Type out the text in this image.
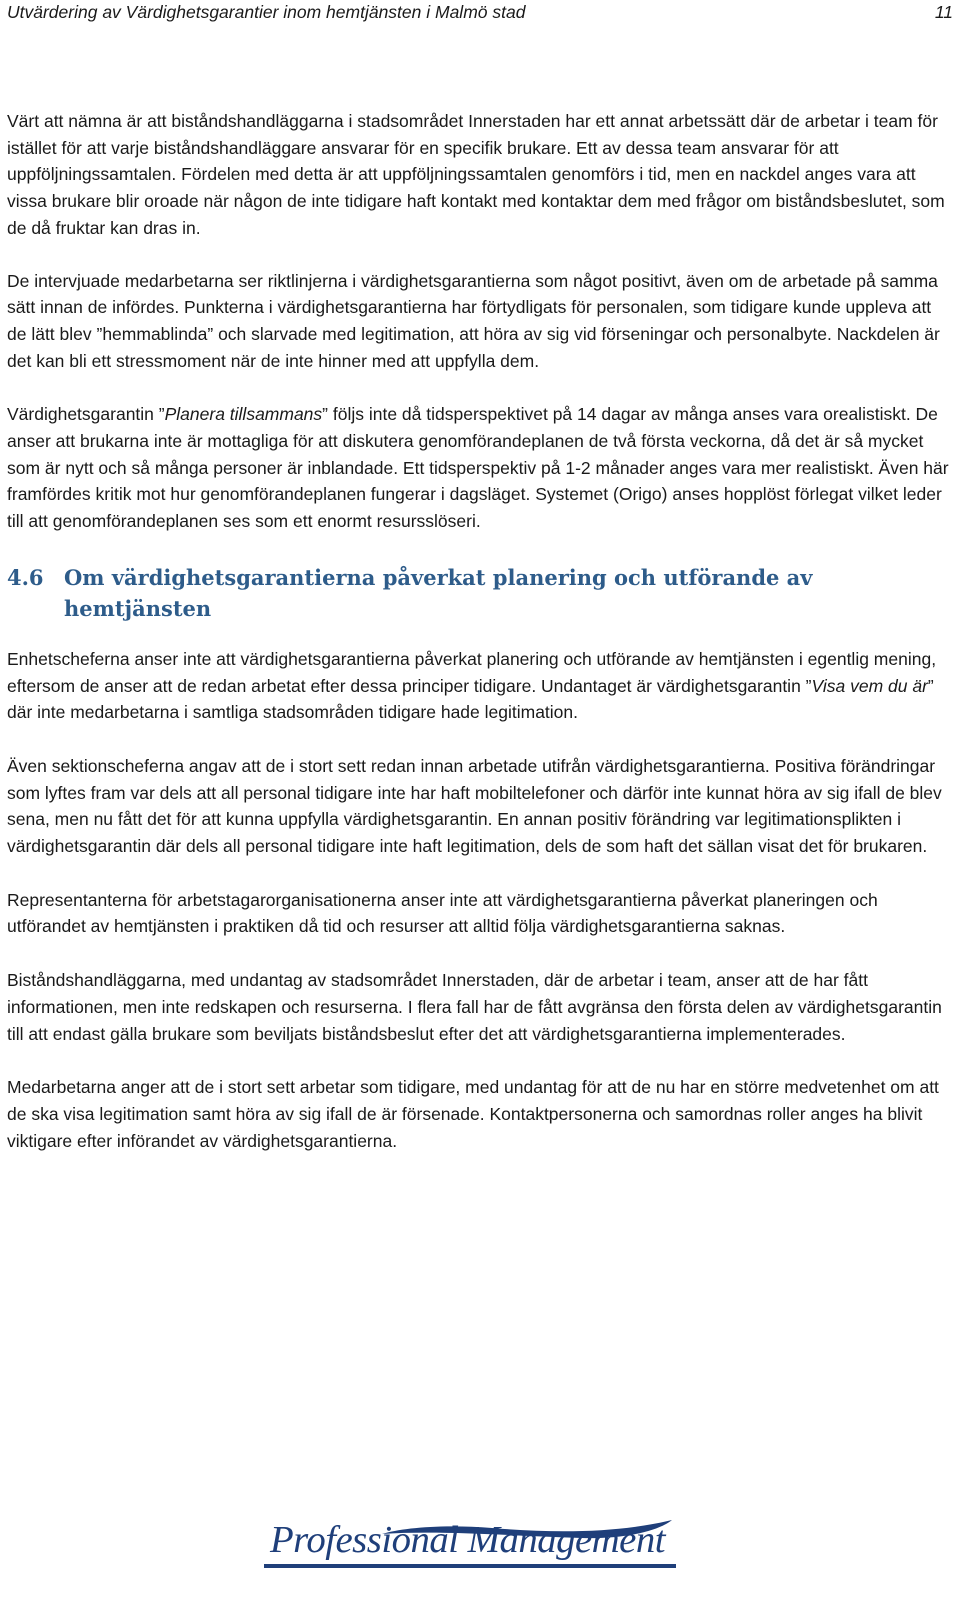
Utvärdering av Värdighetsgarantier inom hemtjänsten i Malmö stad	11

Värt att nämna är att biståndshandläggarna i stadsområdet Innerstaden har ett annat arbetssätt där de arbetar i team för istället för att varje biståndshandläggare ansvarar för en specifik brukare. Ett av dessa team ansvarar för att uppföljningssamtalen. Fördelen med detta är att uppföljningssamtalen genomförs i tid, men en nackdel anges vara att vissa brukare blir oroade när någon de inte tidigare haft kontakt med kontaktar dem med frågor om biståndsbeslutet, som de då fruktar kan dras in.

De intervjuade medarbetarna ser riktlinjerna i värdighetsgarantierna som något positivt, även om de arbetade på samma sätt innan de infördes. Punkterna i värdighetsgarantierna har förtydligats för personalen, som tidigare kunde uppleva att de lätt blev ”hemmablinda” och slarvade med legitimation, att höra av sig vid förseningar och personalbyte. Nackdelen är det kan bli ett stressmoment när de inte hinner med att uppfylla dem.

Värdighetsgarantin ”Planera tillsammans” följs inte då tidsperspektivet på 14 dagar av många anses vara orealistiskt. De anser att brukarna inte är mottagliga för att diskutera genomförandeplanen de två första veckorna, då det är så mycket som är nytt och så många personer är inblandade. Ett tidsperspektiv på 1-2 månader anges vara mer realistiskt. Även här framfördes kritik mot hur genomförandeplanen fungerar i dagsläget. Systemet (Origo) anses hopplöst förlegat vilket leder till att genomförandeplanen ses som ett enormt resursslöseri.

4.6 Om värdighetsgarantierna påverkat planering och utförande av hemtjänsten

Enhetscheferna anser inte att värdighetsgarantierna påverkat planering och utförande av hemtjänsten i egentlig mening, eftersom de anser att de redan arbetat efter dessa principer tidigare. Undantaget är värdighetsgarantin ”Visa vem du är” där inte medarbetarna i samtliga stadsområden tidigare hade legitimation.

Även sektionscheferna angav att de i stort sett redan innan arbetade utifrån värdighetsgarantierna. Positiva förändringar som lyftes fram var dels att all personal tidigare inte har haft mobiltelefoner och därför inte kunnat höra av sig ifall de blev sena, men nu fått det för att kunna uppfylla värdighetsgarantin. En annan positiv förändring var legitimationsplikten i värdighetsgarantin där dels all personal tidigare inte haft legitimation, dels de som haft det sällan visat det för brukaren.

Representanterna för arbetstagarorganisationerna anser inte att värdighetsgarantierna påverkat planeringen och utförandet av hemtjänsten i praktiken då tid och resurser att alltid följa värdighetsgarantierna saknas.

Biståndshandläggarna, med undantag av stadsområdet Innerstaden, där de arbetar i team, anser att de har fått informationen, men inte redskapen och resurserna. I flera fall har de fått avgränsa den första delen av värdighetsgarantin till att endast gälla brukare som beviljats biståndsbeslut efter det att värdighetsgarantierna implementerades.

Medarbetarna anger att de i stort sett arbetar som tidigare, med undantag för att de nu har en större medvetenhet om att de ska visa legitimation samt höra av sig ifall de är försenade. Kontaktpersonerna och samordnas roller anges ha blivit viktigare efter införandet av värdighetsgarantierna.

Professional Management
